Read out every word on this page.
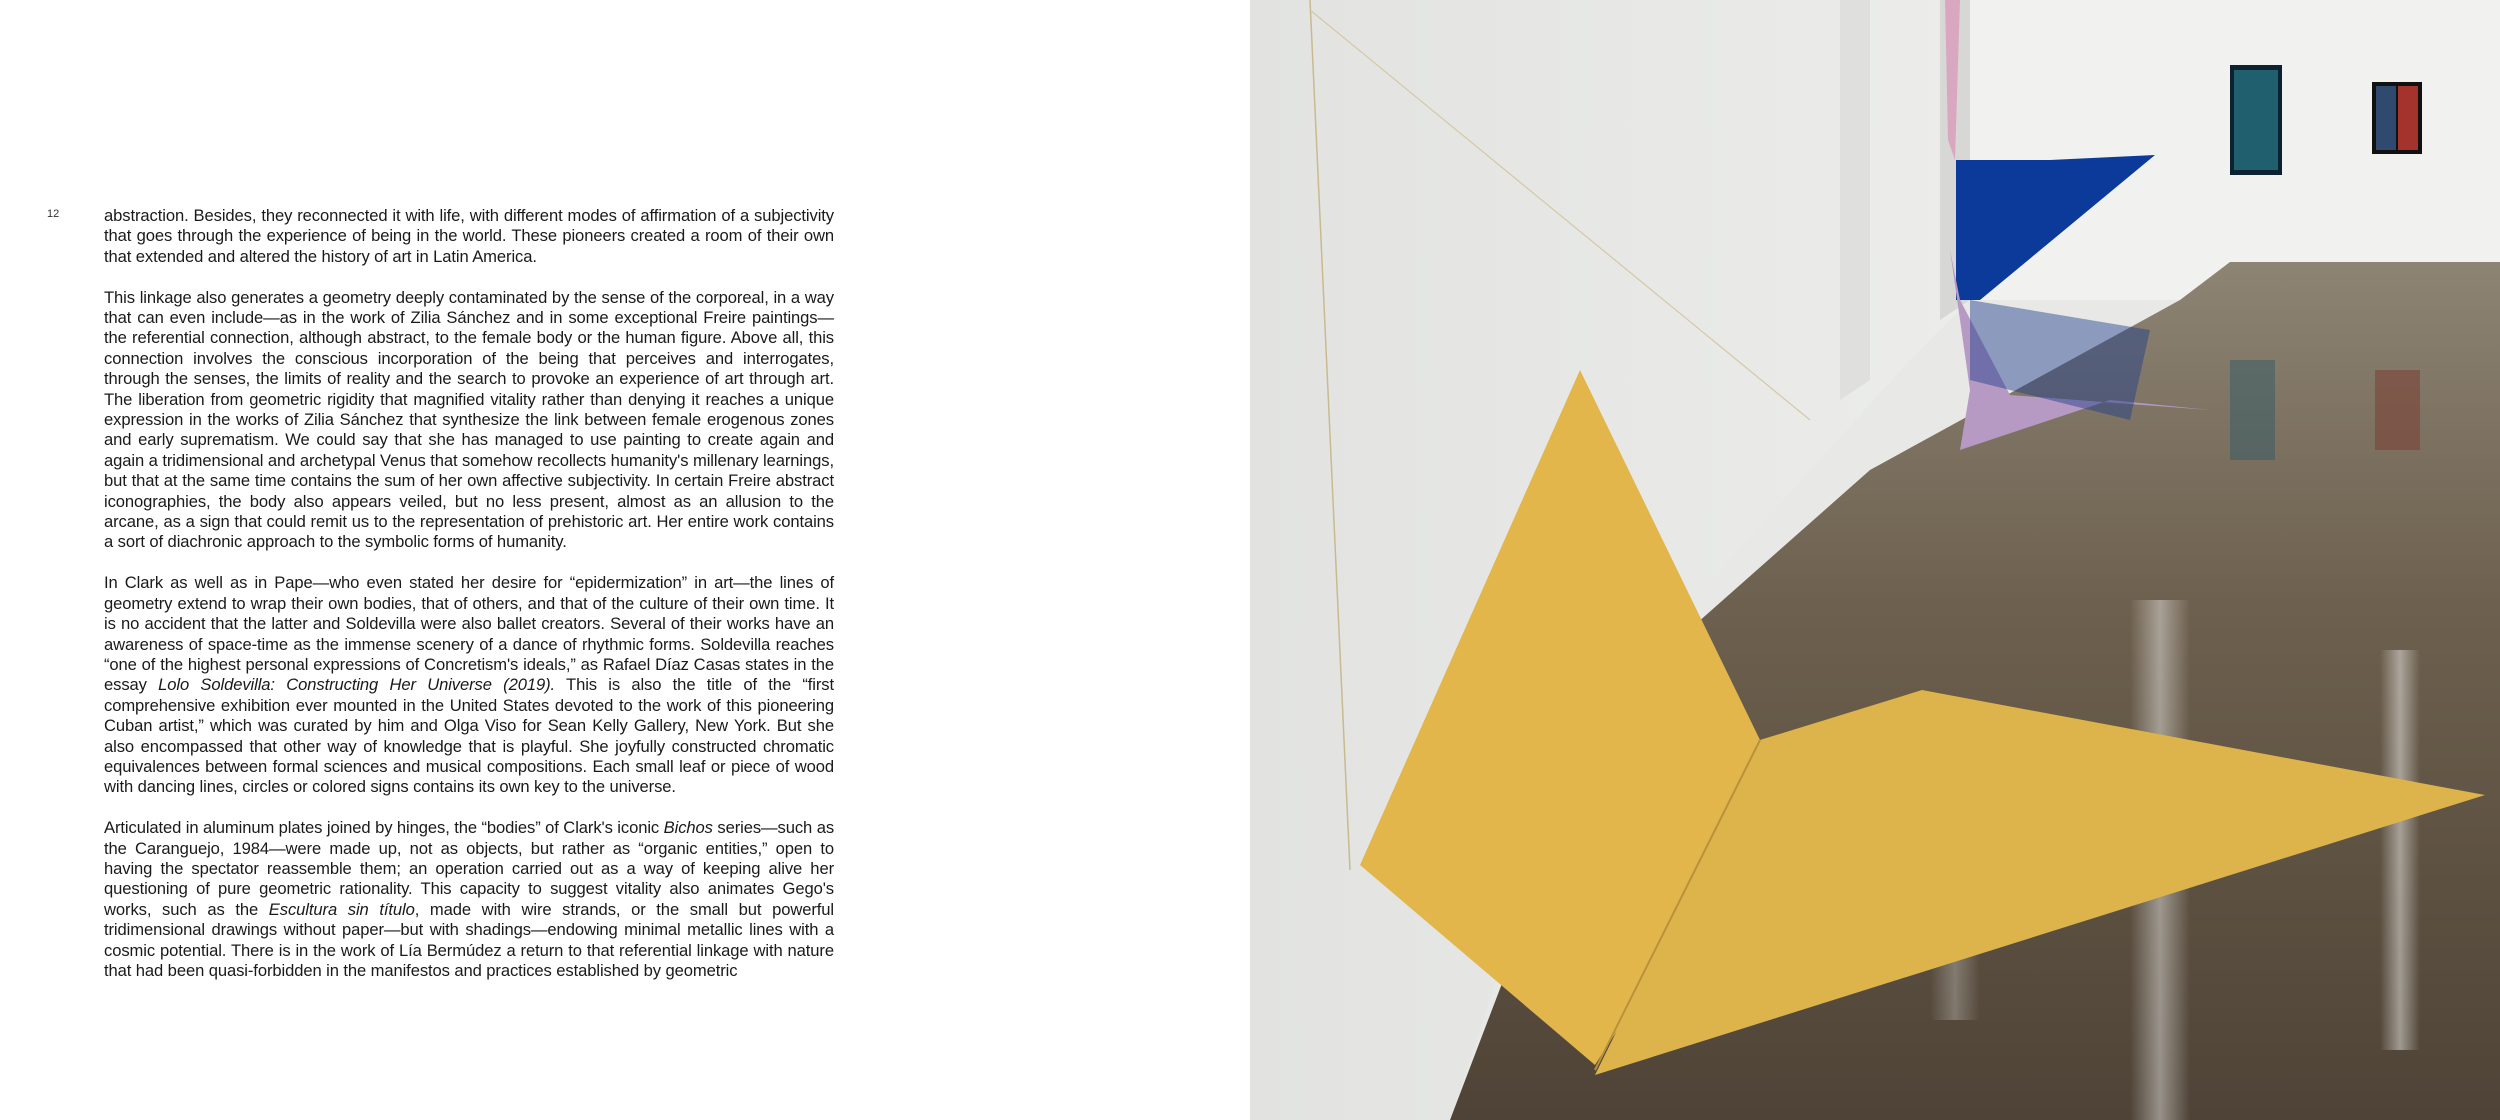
12	abstraction. Besides, they reconnected it with life, with different modes of affirmation of a subjectivity that goes through the experience of being in the world. These pioneers created a room of their own that extended and altered the history of art in Latin America.

This linkage also generates a geometry deeply contaminated by the sense of the corporeal, in a way that can even include—as in the work of Zilia Sánchez and in some exceptional Freire paintings—the referential connection, although abstract, to the female body or the human figure. Above all, this connection involves the conscious incorporation of the being that perceives and interrogates, through the senses, the limits of reality and the search to provoke an experience of art through art. The liberation from geometric rigidity that magnified vitality rather than denying it reaches a unique expression in the works of Zilia Sánchez that synthesize the link between female erogenous zones and early suprematism. We could say that she has managed to use painting to create again and again a tridimensional and archetypal Venus that somehow recollects humanity's millenary learnings, but that at the same time contains the sum of her own affective subjectivity. In certain Freire abstract iconographies, the body also appears veiled, but no less present, almost as an allusion to the arcane, as a sign that could remit us to the representation of prehistoric art. Her entire work contains a sort of diachronic approach to the symbolic forms of humanity.

In Clark as well as in Pape—who even stated her desire for “epidermization” in art—the lines of geometry extend to wrap their own bodies, that of others, and that of the culture of their own time. It is no accident that the latter and Soldevilla were also ballet creators. Several of their works have an awareness of space-time as the immense scenery of a dance of rhythmic forms. Soldevilla reaches “one of the highest personal expressions of Concretism's ideals,” as Rafael Díaz Casas states in the essay Lolo Soldevilla: Constructing Her Universe (2019). This is also the title of the “first comprehensive exhibition ever mounted in the United States devoted to the work of this pioneering Cuban artist,” which was curated by him and Olga Viso for Sean Kelly Gallery, New York. But she also encompassed that other way of knowledge that is playful. She joyfully constructed chromatic equivalences between formal sciences and musical compositions. Each small leaf or piece of wood with dancing lines, circles or colored signs contains its own key to the universe.

Articulated in aluminum plates joined by hinges, the “bodies” of Clark's iconic Bichos series—such as the Caranguejo, 1984—were made up, not as objects, but rather as “organic entities,” open to having the spectator reassemble them; an operation carried out as a way of keeping alive her questioning of pure geometric rationality. This capacity to suggest vitality also animates Gego's works, such as the Escultura sin título, made with wire strands, or the small but powerful tridimensional drawings without paper—but with shadings—endowing minimal metallic lines with a cosmic potential. There is in the work of Lía Bermúdez a return to that referential linkage with nature that had been quasi-forbidden in the manifestos and practices established by geometric
